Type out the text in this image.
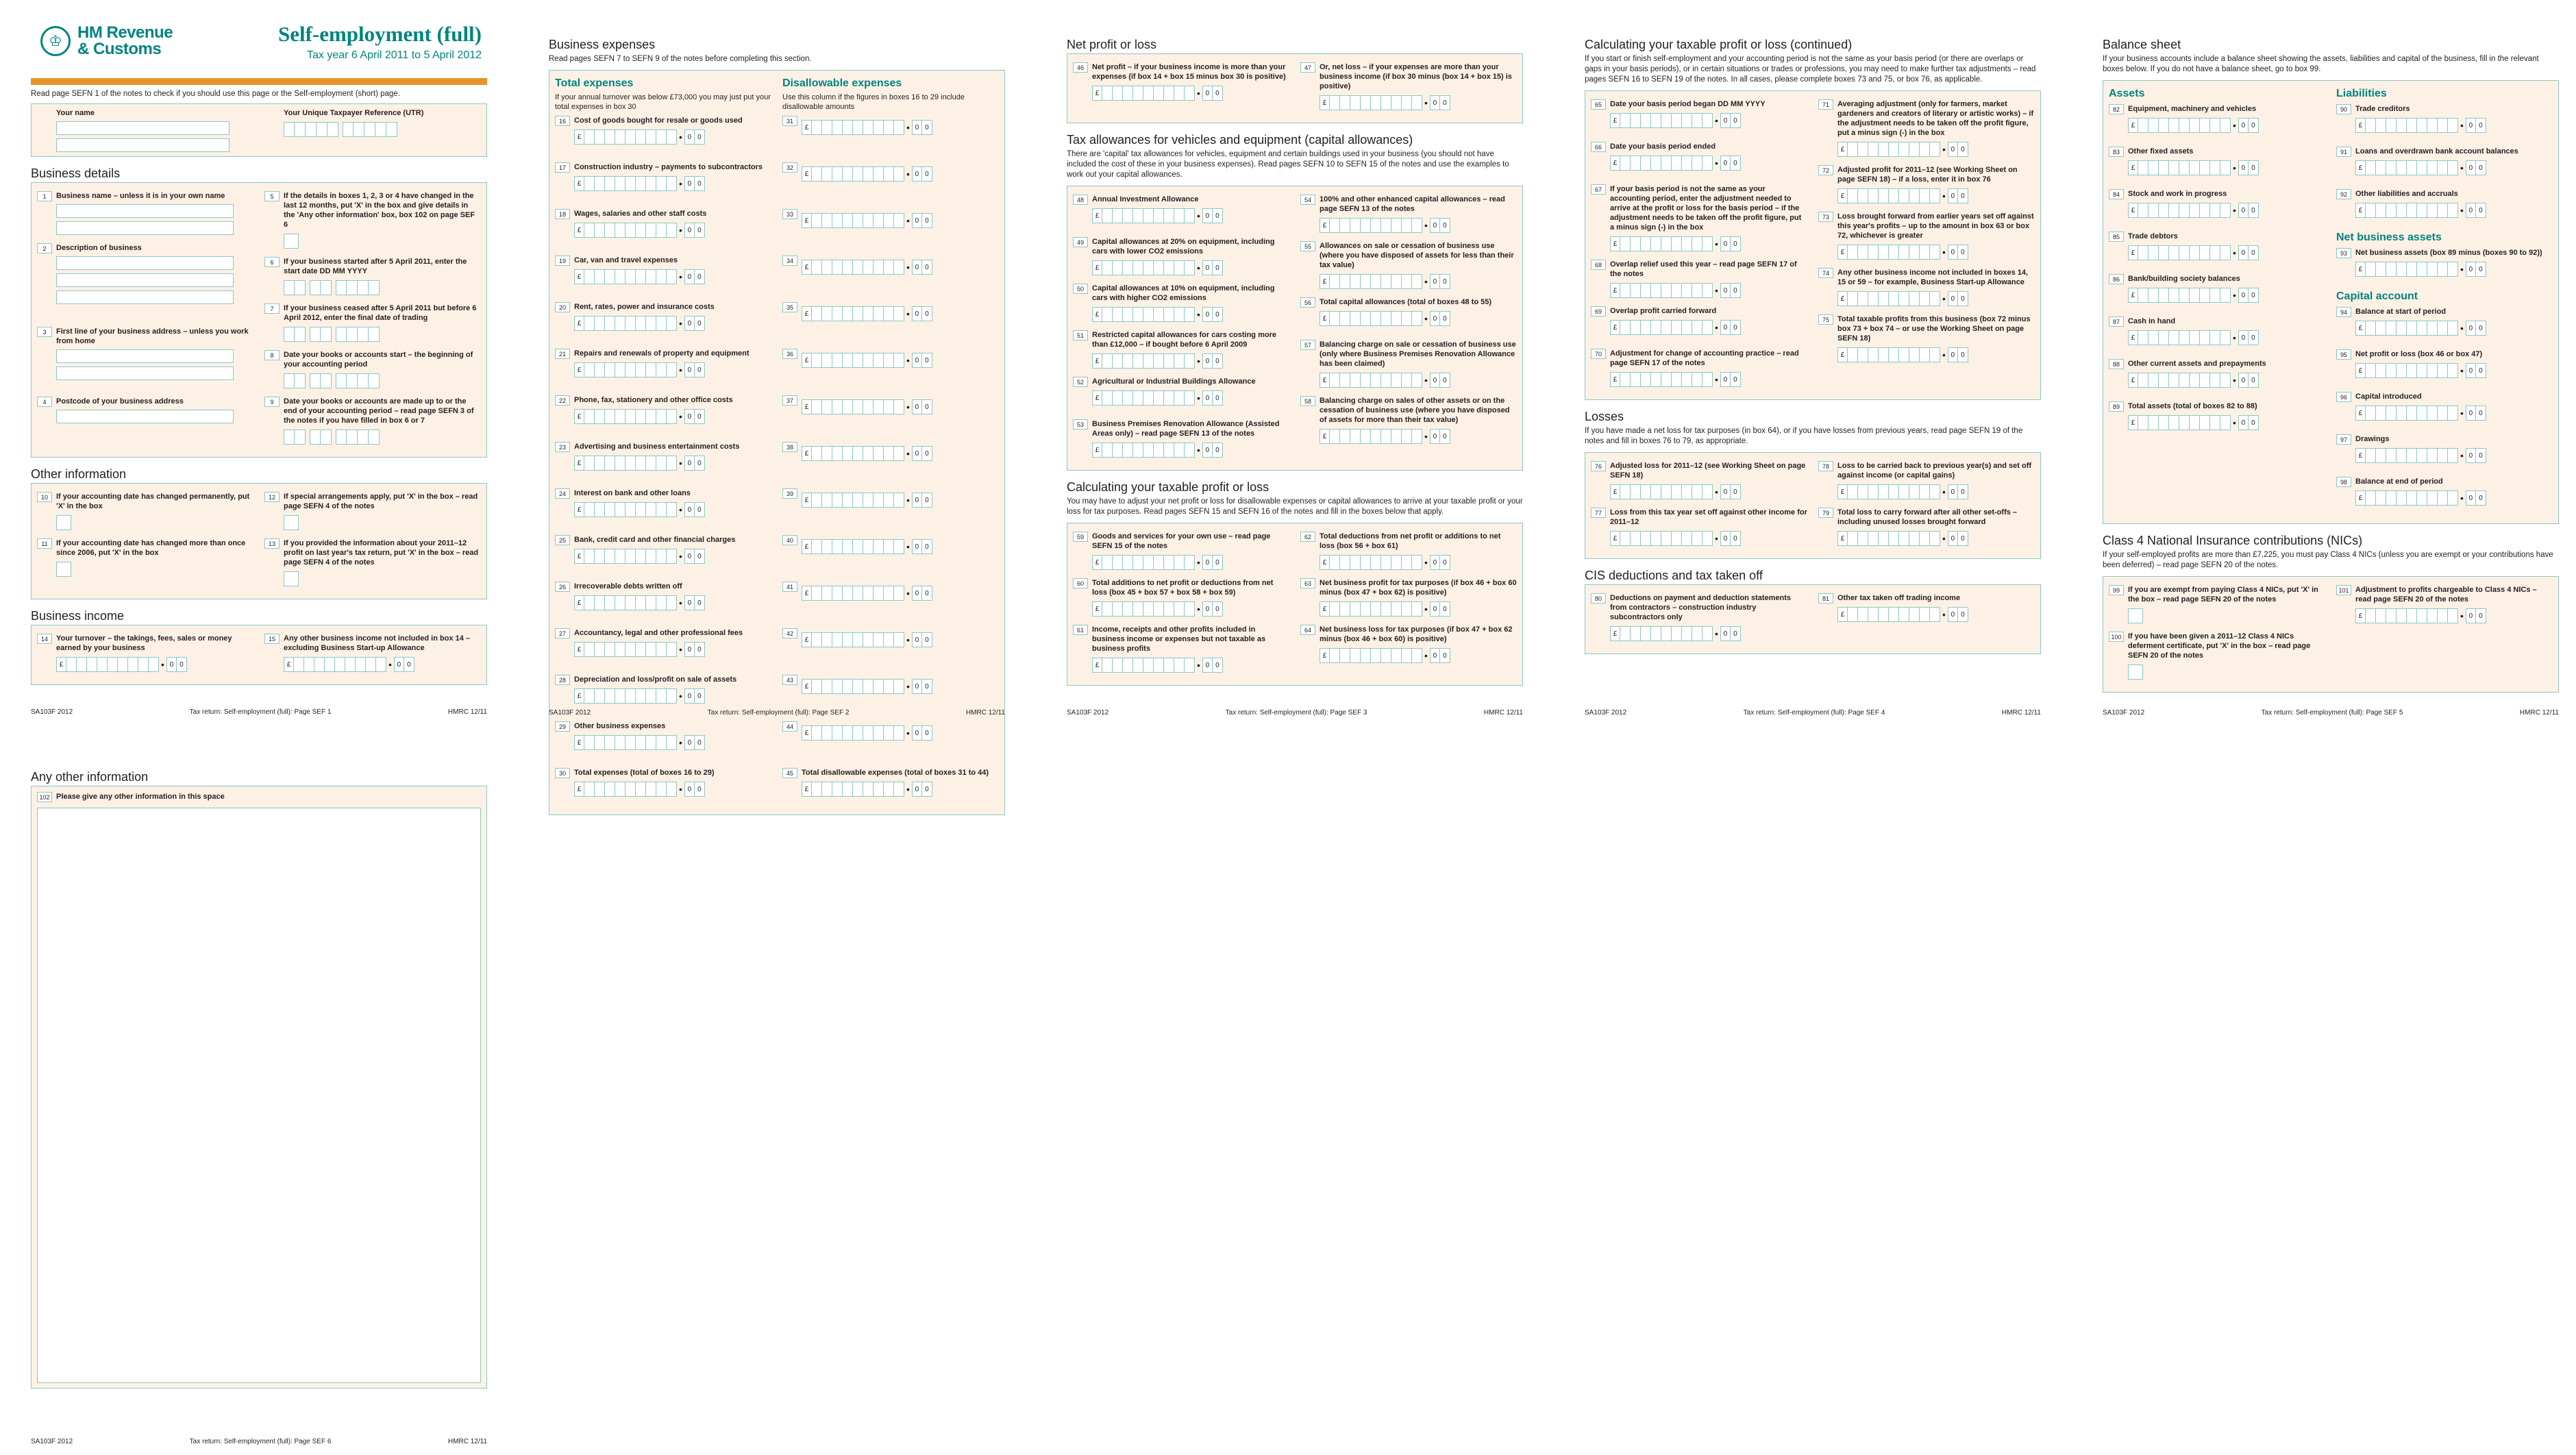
♔ HM Revenue
& Customs
Self-employment (full)
Tax year 6 April 2011 to 5 April 2012
Read page SEFN 1 of the notes to check if you should use this page or the Self-employment (short) page.
Your name	Your Unique Taxpayer Reference (UTR)
Business details
1	Business name – unless it is in your own name
2	Description of business
3	First line of your business address – unless you work from home
4	Postcode of your business address
5	If the details in boxes 1, 2, 3 or 4 have changed in the last 12 months, put 'X' in the box and give details in the 'Any other information' box, box 102 on page SEF 6
6	If your business started after 5 April 2011, enter the start date DD MM YYYY
7	If your business ceased after 5 April 2011 but before 6 April 2012, enter the final date of trading
8	Date your books or accounts start – the beginning of your accounting period
9	Date your books or accounts are made up to or the end of your accounting period – read page SEFN 3 of the notes if you have filled in box 6 or 7
Other information
10	If your accounting date has changed permanently, put 'X' in the box
11	If your accounting date has changed more than once since 2006, put 'X' in the box
12	If special arrangements apply, put 'X' in the box – read page SEFN 4 of the notes
13	If you provided the information about your 2011–12 profit on last year's tax return, put 'X' in the box – read page SEFN 4 of the notes
Business income
14	Your turnover – the takings, fees, sales or money earned by your business
£	• 0 0
15	Any other business income not included in box 14 – excluding Business Start-up Allowance
£	• 0 0
SA103F 2012	Tax return: Self-employment (full): Page SEF 1	HMRC 12/11
Business expenses
Read pages SEFN 7 to SEFN 9 of the notes before completing this section.
Total expenses
If your annual turnover was below £73,000 you may just put your total expenses in box 30
Disallowable expenses
Use this column if the figures in boxes 16 to 29 include disallowable amounts
16	Cost of goods bought for resale or goods used
£	• 0 0
31
£	• 0 0
17	Construction industry – payments to subcontractors
£	• 0 0
32
£	• 0 0
18	Wages, salaries and other staff costs
£	• 0 0
33
£	• 0 0
19	Car, van and travel expenses
£	• 0 0
34
£	• 0 0
20	Rent, rates, power and insurance costs
£	• 0 0
35
£	• 0 0
21	Repairs and renewals of property and equipment
£	• 0 0
36
£	• 0 0
22	Phone, fax, stationery and other office costs
£	• 0 0
37
£	• 0 0
23	Advertising and business entertainment costs
£	• 0 0
38
£	• 0 0
24	Interest on bank and other loans
£	• 0 0
39
£	• 0 0
25	Bank, credit card and other financial charges
£	• 0 0
40
£	• 0 0
26	Irrecoverable debts written off
£	• 0 0
41
£	• 0 0
27	Accountancy, legal and other professional fees
£	• 0 0
42
£	• 0 0
28	Depreciation and loss/profit on sale of assets
£	• 0 0
43
£	• 0 0
29	Other business expenses
£	• 0 0
44
£	• 0 0
30	Total expenses (total of boxes 16 to 29)
£	• 0 0
45	Total disallowable expenses (total of boxes 31 to 44)
£	• 0 0
SA103F 2012	Tax return: Self-employment (full): Page SEF 2	HMRC 12/11
Net profit or loss
46	Net profit – if your business income is more than your expenses (if box 14 + box 15 minus box 30 is positive)
£	• 0 0
47	Or, net loss – if your expenses are more than your business income (if box 30 minus (box 14 + box 15) is positive)
£	• 0 0
Tax allowances for vehicles and equipment (capital allowances)
There are 'capital' tax allowances for vehicles, equipment and certain buildings used in your business (you should not have included the cost of these in your business expenses). Read pages SEFN 10 to SEFN 15 of the notes and use the examples to work out your capital allowances.
48	Annual Investment Allowance
£	• 0 0
49	Capital allowances at 20% on equipment, including cars with lower CO2 emissions
£	• 0 0
50	Capital allowances at 10% on equipment, including cars with higher CO2 emissions
£	• 0 0
51	Restricted capital allowances for cars costing more than £12,000 – if bought before 6 April 2009
£	• 0 0
52	Agricultural or Industrial Buildings Allowance
£	• 0 0
53	Business Premises Renovation Allowance (Assisted Areas only) – read page SEFN 13 of the notes
£	• 0 0
54	100% and other enhanced capital allowances – read page SEFN 13 of the notes
£	• 0 0
55	Allowances on sale or cessation of business use (where you have disposed of assets for less than their tax value)
£	• 0 0
56	Total capital allowances (total of boxes 48 to 55)
£	• 0 0
57	Balancing charge on sale or cessation of business use (only where Business Premises Renovation Allowance has been claimed)
£	• 0 0
58	Balancing charge on sales of other assets or on the cessation of business use (where you have disposed of assets for more than their tax value)
£	• 0 0
Calculating your taxable profit or loss
You may have to adjust your net profit or loss for disallowable expenses or capital allowances to arrive at your taxable profit or your loss for tax purposes. Read pages SEFN 15 and SEFN 16 of the notes and fill in the boxes below that apply.
59	Goods and services for your own use – read page SEFN 15 of the notes
£	• 0 0
60	Total additions to net profit or deductions from net loss (box 45 + box 57 + box 58 + box 59)
£	• 0 0
61	Income, receipts and other profits included in business income or expenses but not taxable as business profits
£	• 0 0
62	Total deductions from net profit or additions to net loss (box 56 + box 61)
£	• 0 0
63	Net business profit for tax purposes (if box 46 + box 60 minus (box 47 + box 62) is positive)
£	• 0 0
64	Net business loss for tax purposes (if box 47 + box 62 minus (box 46 + box 60) is positive)
£	• 0 0
SA103F 2012	Tax return: Self-employment (full): Page SEF 3	HMRC 12/11
Calculating your taxable profit or loss (continued)
If you start or finish self-employment and your accounting period is not the same as your basis period (or there are overlaps or gaps in your basis periods), or in certain situations or trades or professions, you may need to make further tax adjustments – read pages SEFN 16 to SEFN 19 of the notes. In all cases, please complete boxes 73 and 75, or box 76, as applicable.
65	Date your basis period began DD MM YYYY
£	• 0 0
66	Date your basis period ended
£	• 0 0
67	If your basis period is not the same as your accounting period, enter the adjustment needed to arrive at the profit or loss for the basis period – if the adjustment needs to be taken off the profit figure, put a minus sign (-) in the box
£	• 0 0
68	Overlap relief used this year – read page SEFN 17 of the notes
£	• 0 0
69	Overlap profit carried forward
£	• 0 0
70	Adjustment for change of accounting practice – read page SEFN 17 of the notes
£	• 0 0
71	Averaging adjustment (only for farmers, market gardeners and creators of literary or artistic works) – if the adjustment needs to be taken off the profit figure, put a minus sign (-) in the box
£	• 0 0
72	Adjusted profit for 2011–12 (see Working Sheet on page SEFN 18) – if a loss, enter it in box 76
£	• 0 0
73	Loss brought forward from earlier years set off against this year's profits – up to the amount in box 63 or box 72, whichever is greater
£	• 0 0
74	Any other business income not included in boxes 14, 15 or 59 – for example, Business Start-up Allowance
£	• 0 0
75	Total taxable profits from this business (box 72 minus box 73 + box 74 – or use the Working Sheet on page SEFN 18)
£	• 0 0
Losses
If you have made a net loss for tax purposes (in box 64), or if you have losses from previous years, read page SEFN 19 of the notes and fill in boxes 76 to 79, as appropriate.
76	Adjusted loss for 2011–12 (see Working Sheet on page SEFN 18)
£	• 0 0
77	Loss from this tax year set off against other income for 2011–12
£	• 0 0
78	Loss to be carried back to previous year(s) and set off against income (or capital gains)
£	• 0 0
79	Total loss to carry forward after all other set-offs – including unused losses brought forward
£	• 0 0
CIS deductions and tax taken off
80	Deductions on payment and deduction statements from contractors – construction industry subcontractors only
£	• 0 0
81	Other tax taken off trading income
£	• 0 0
SA103F 2012	Tax return: Self-employment (full): Page SEF 4	HMRC 12/11
Balance sheet
If your business accounts include a balance sheet showing the assets, liabilities and capital of the business, fill in the relevant boxes below. If you do not have a balance sheet, go to box 99.
Assets
82	Equipment, machinery and vehicles
£	• 0 0
83	Other fixed assets
£	• 0 0
84	Stock and work in progress
£	• 0 0
85	Trade debtors
£	• 0 0
86	Bank/building society balances
£	• 0 0
87	Cash in hand
£	• 0 0
88	Other current assets and prepayments
£	• 0 0
89	Total assets (total of boxes 82 to 88)
£	• 0 0
Liabilities
90	Trade creditors
£	• 0 0
91	Loans and overdrawn bank account balances
£	• 0 0
92	Other liabilities and accruals
£	• 0 0
Net business assets
93	Net business assets (box 89 minus (boxes 90 to 92))
£	• 0 0
Capital account
94	Balance at start of period
£	• 0 0
95	Net profit or loss (box 46 or box 47)
£	• 0 0
96	Capital introduced
£	• 0 0
97	Drawings
£	• 0 0
98	Balance at end of period
£	• 0 0
Class 4 National Insurance contributions (NICs)
If your self-employed profits are more than £7,225, you must pay Class 4 NICs (unless you are exempt or your contributions have been deferred) – read page SEFN 20 of the notes.
99	If you are exempt from paying Class 4 NICs, put 'X' in the box – read page SEFN 20 of the notes
100 If you have been given a 2011–12 Class 4 NICs deferment certificate, put 'X' in the box – read page SEFN 20 of the notes
101 Adjustment to profits chargeable to Class 4 NICs – read page SEFN 20 of the notes
£	• 0 0
SA103F 2012	Tax return: Self-employment (full): Page SEF 5	HMRC 12/11
Any other information
102 Please give any other information in this space
SA103F 2012	Tax return: Self-employment (full): Page SEF 6	HMRC 12/11
